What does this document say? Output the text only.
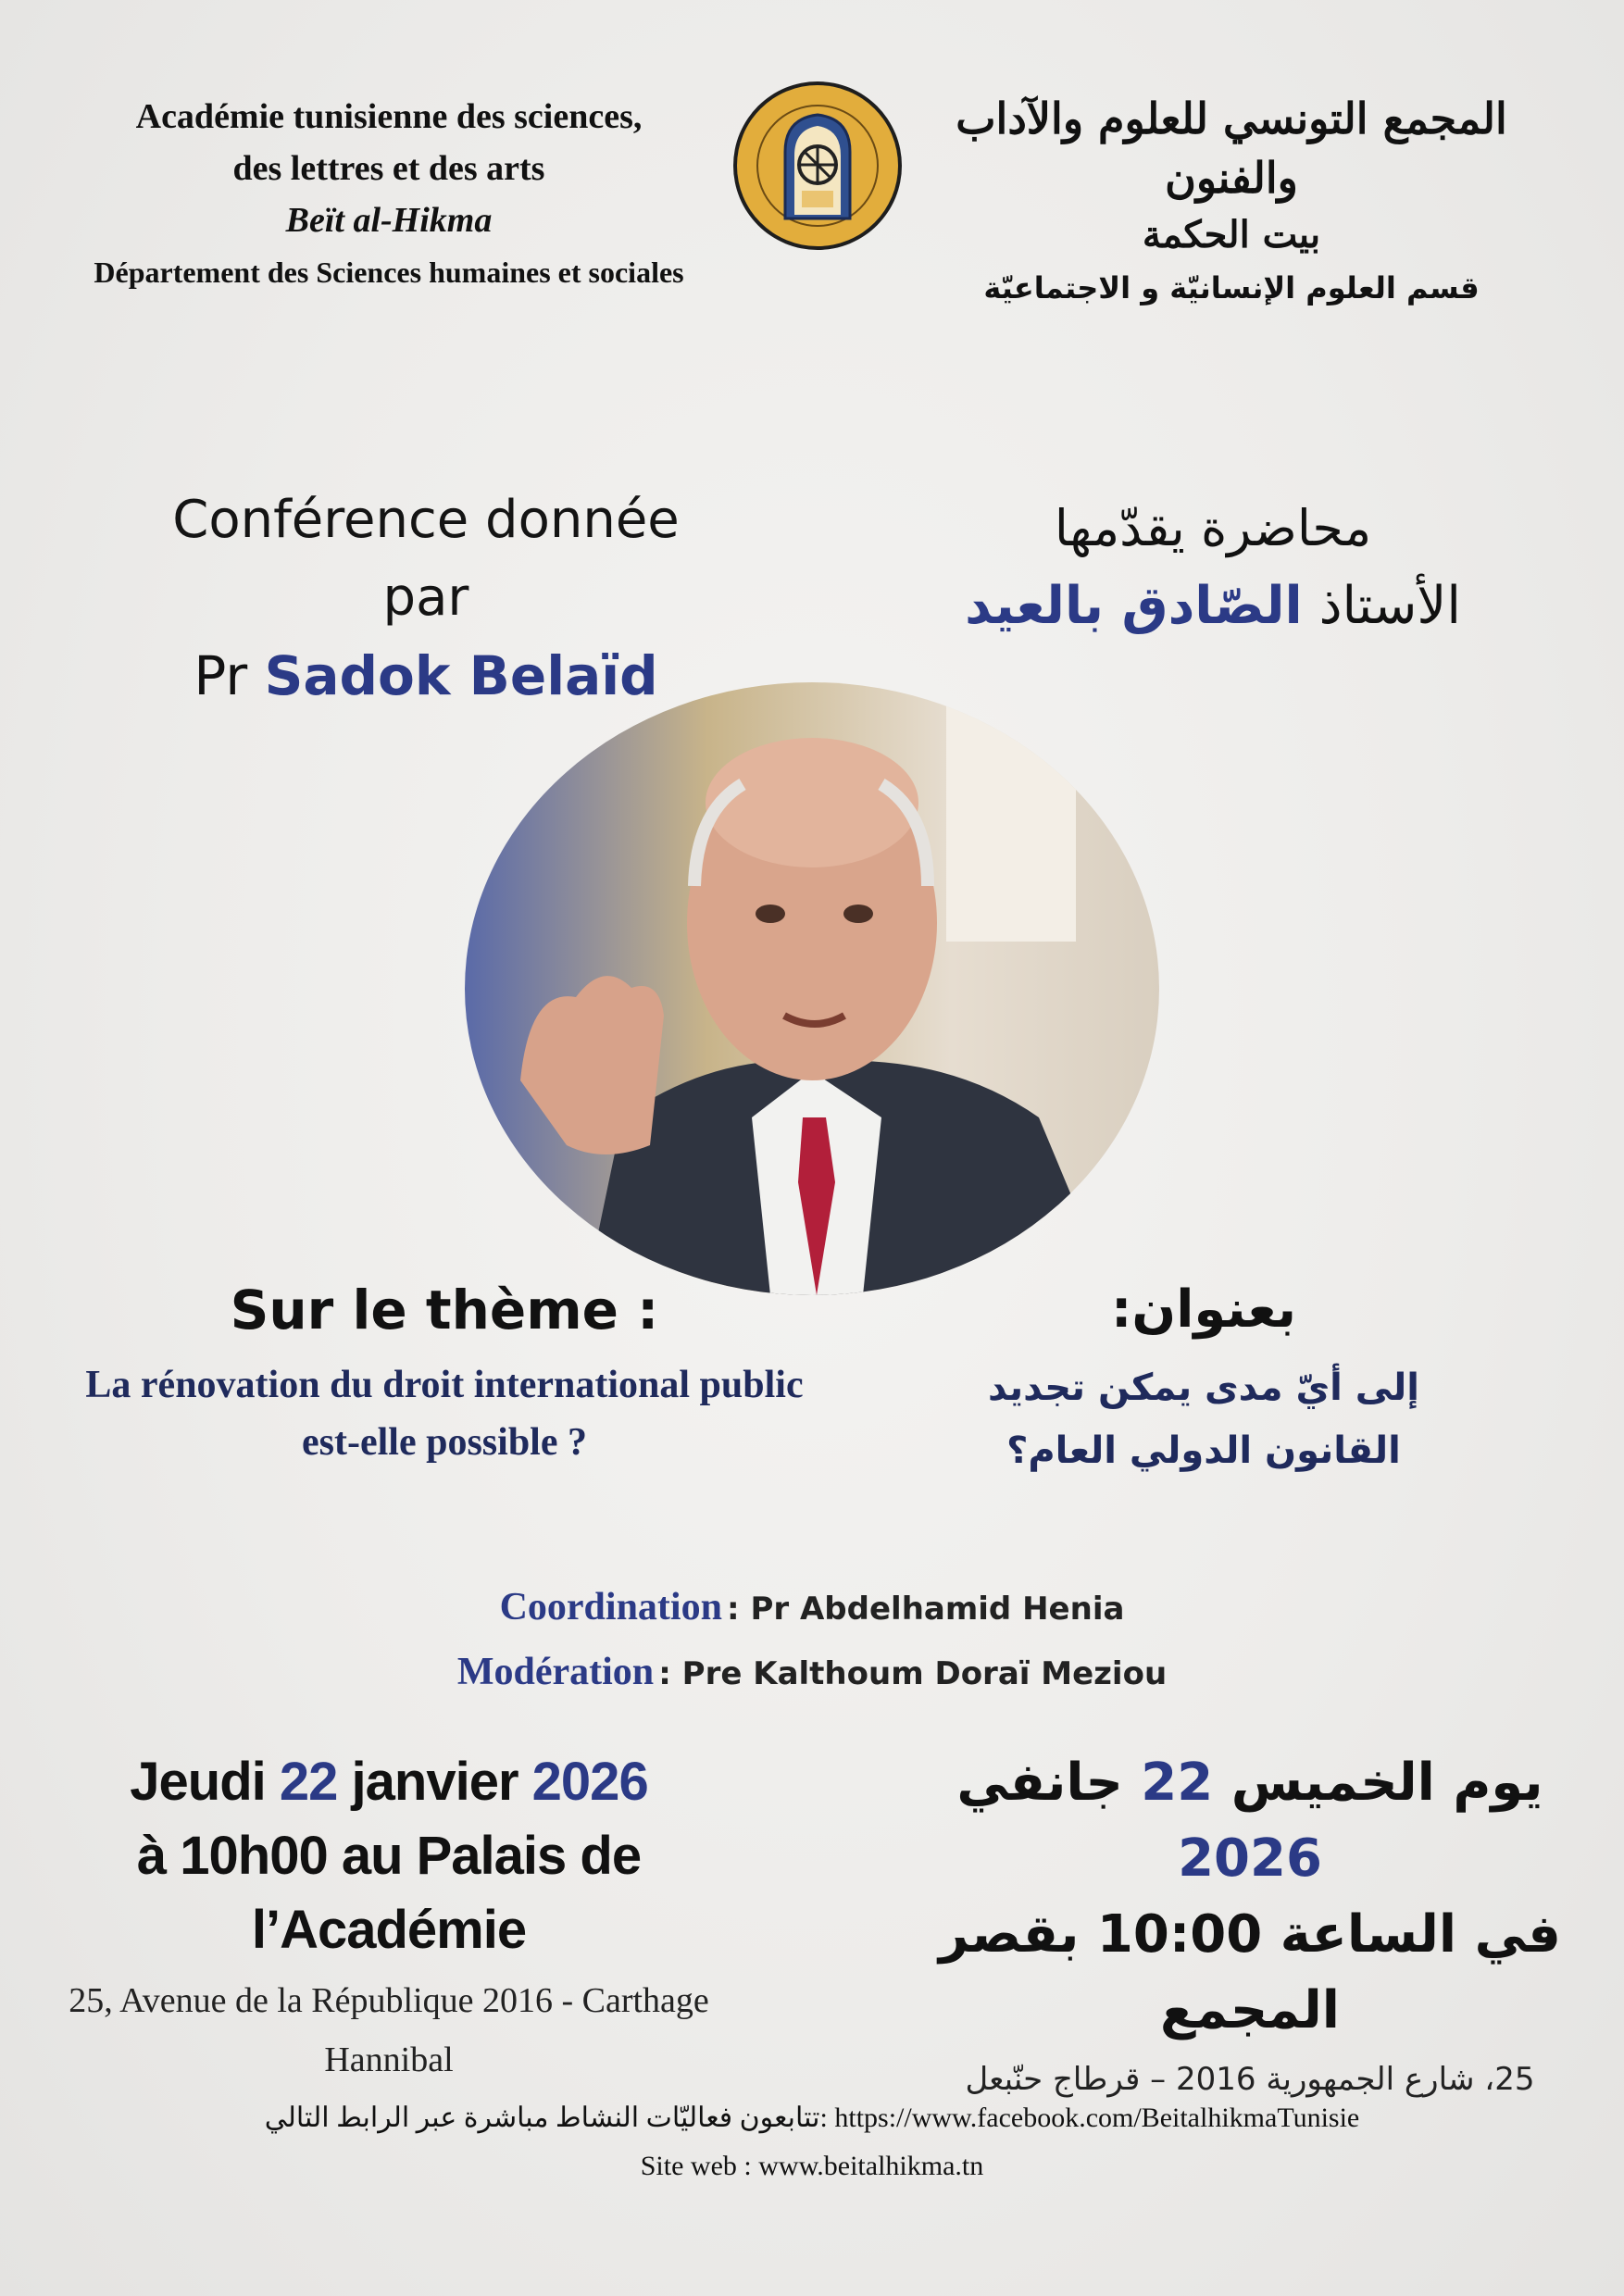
Académie tunisienne des sciences,
des lettres et des arts
Beït al-Hikma
Département des Sciences humaines et sociales
المجمع التونسي للعلوم والآداب والفنون
بيت الحكمة
قسم العلوم الإنسانيّة و الاجتماعيّة
Conférence donnée par
Pr Sadok Belaïd
محاضرة يقدّمها
الأستاذ الصّادق بالعيد
Sur le thème :
La rénovation du droit international public
est-elle possible ?
بعنوان:
إلى أيّ مدى يمكن تجديد
القانون الدولي العام؟
Coordination : Pr Abdelhamid Henia
Modération : Pre Kalthoum Doraï Meziou
Jeudi 22 janvier 2026
à 10h00 au Palais de l’Académie
25, Avenue de la République 2016 - Carthage Hannibal
يوم الخميس 22 جانفي 2026
في الساعة 10:00 بقصر المجمع
25، شارع الجمهورية 2016 – قرطاج حنّبعل
تتابعون فعاليّات النشاط مباشرة عبر الرابط التالي: https://www.facebook.com/BeitalhikmaTunisie
Site web : www.beitalhikma.tn
